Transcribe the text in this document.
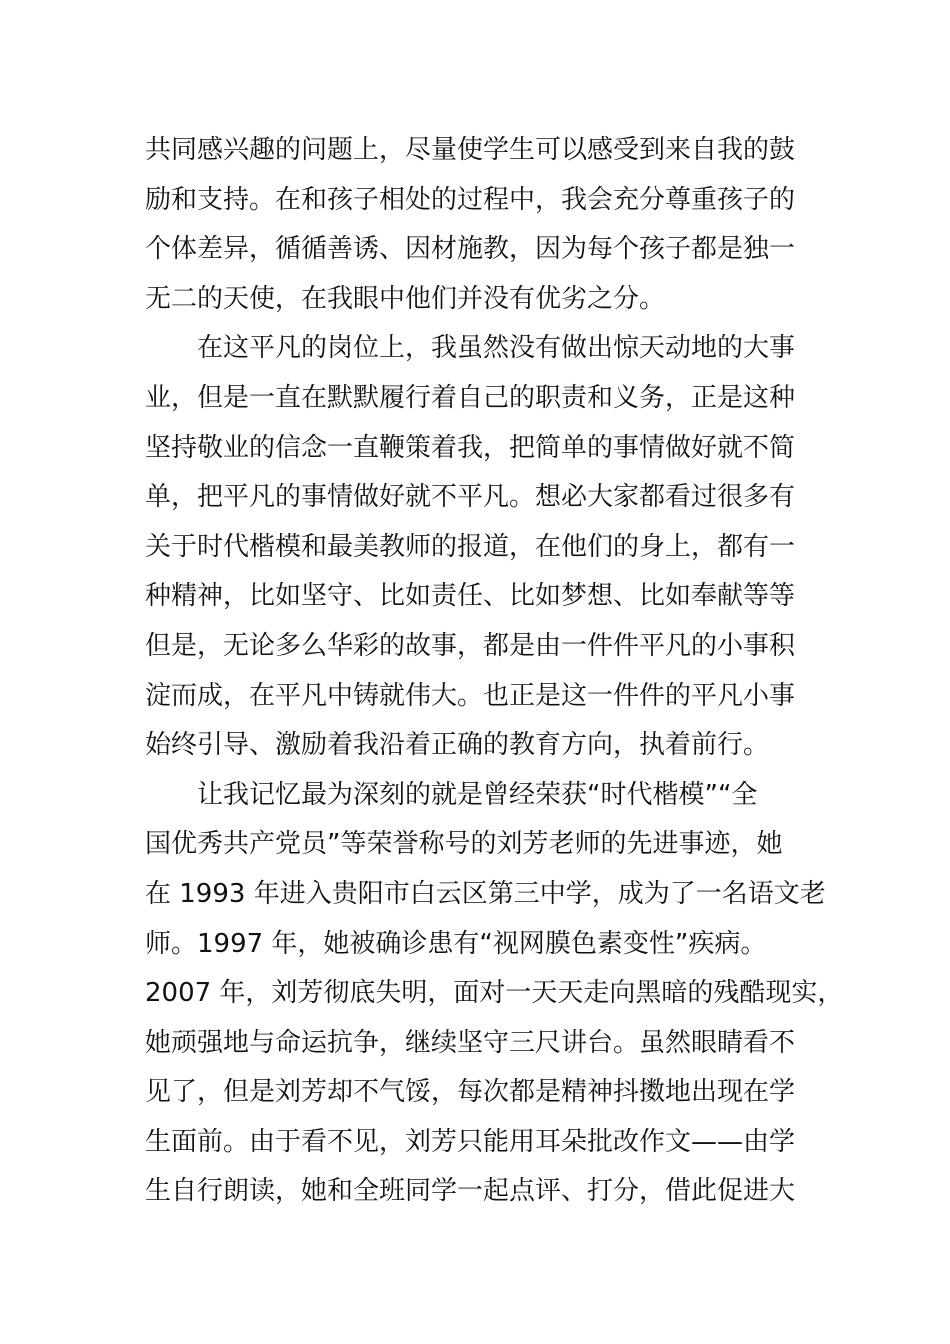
共同感兴趣的问题上，尽量使学生可以感受到来自我的鼓
励和支持。在和孩子相处的过程中，我会充分尊重孩子的
个体差异，循循善诱、因材施教，因为每个孩子都是独一
无二的天使，在我眼中他们并没有优劣之分。
在这平凡的岗位上，我虽然没有做出惊天动地的大事
业，但是一直在默默履行着自己的职责和义务，正是这种
坚持敬业的信念一直鞭策着我，把简单的事情做好就不简
单，把平凡的事情做好就不平凡。想必大家都看过很多有
关于时代楷模和最美教师的报道，在他们的身上，都有一
种精神，比如坚守、比如责任、比如梦想、比如奉献等等
但是，无论多么华彩的故事，都是由一件件平凡的小事积
淀而成，在平凡中铸就伟大。也正是这一件件的平凡小事
始终引导、激励着我沿着正确的教育方向，执着前行。
让我记忆最为深刻的就是曾经荣获“时代楷模”“全
国优秀共产党员”等荣誉称号的刘芳老师的先进事迹，她
在 1993 年进入贵阳市白云区第三中学，成为了一名语文老
师。1997 年，她被确诊患有“视网膜色素变性”疾病。
2007 年，刘芳彻底失明，面对一天天走向黑暗的残酷现实，
她顽强地与命运抗争，继续坚守三尺讲台。虽然眼睛看不
见了，但是刘芳却不气馁，每次都是精神抖擞地出现在学
生面前。由于看不见，刘芳只能用耳朵批改作文——由学
生自行朗读，她和全班同学一起点评、打分，借此促进大
